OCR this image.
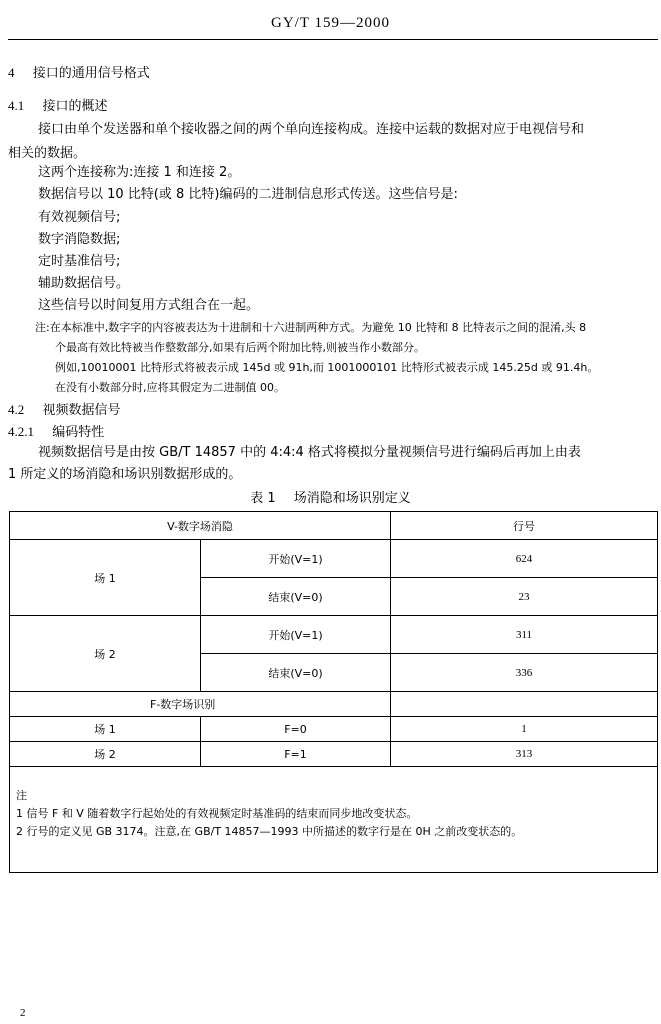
GY/T 159—2000
4 接口的通用信号格式
4.1 接口的概述
接口由单个发送器和单个接收器之间的两个单向连接构成。连接中运载的数据对应于电视信号和
相关的数据。
这两个连接称为:连接 1 和连接 2。
数据信号以 10 比特(或 8 比特)编码的二进制信息形式传送。这些信号是:
有效视频信号;
数字消隐数据;
定时基准信号;
辅助数据信号。
这些信号以时间复用方式组合在一起。
注:在本标准中,数字字的内容被表达为十进制和十六进制两种方式。为避免 10 比特和 8 比特表示之间的混淆,头 8
个最高有效比特被当作整数部分,如果有后两个附加比特,则被当作小数部分。
例如,10010001 比特形式将被表示成 145d 或 91h,而 1001000101 比特形式被表示成 145.25d 或 91.4h。
在没有小数部分时,应将其假定为二进制值 00。
4.2 视频数据信号
4.2.1 编码特性
视频数据信号是由按 GB/T 14857 中的 4:4:4 格式将模拟分量视频信号进行编码后再加上由表
1 所定义的场消隐和场识别数据形成的。
表 1 场消隐和场识别定义
V-数字场消隐		行号
场 1	开始(V=1)	624
	结束(V=0)	23
场 2	开始(V=1)	311
	结束(V=0)	336
F-数字场识别		
场 1	F=0	1
场 2	F=1	313

注
1 信号 F 和 V 随着数字行起始处的有效视频定时基准码的结束而同步地改变状态。
2 行号的定义见 GB 3174。注意,在 GB/T 14857—1993 中所描述的数字行是在 0H 之前改变状态的。		
2
